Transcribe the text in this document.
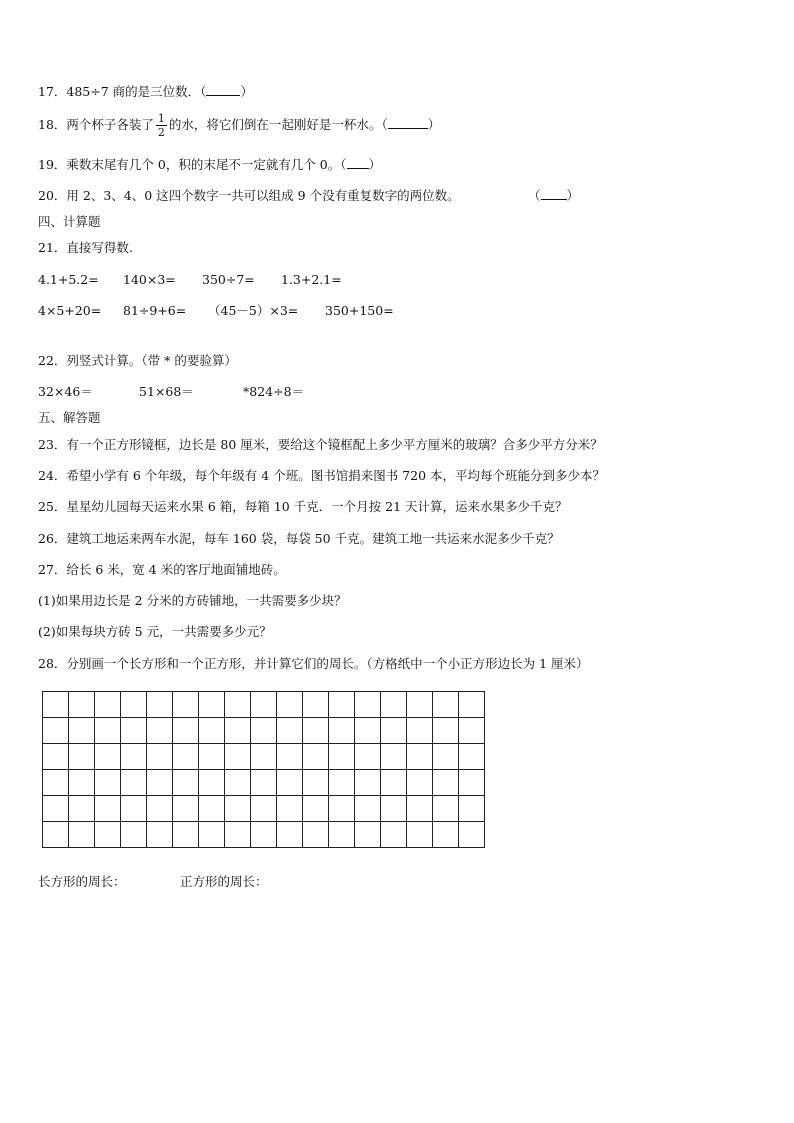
17．485÷7 商的是三位数．（	）
18．两个杯子各装了 $\frac{1}{2}$ 的水，将它们倒在一起刚好是一杯水。（	）
19．乘数末尾有几个 0，积的末尾不一定就有几个 0。（ ）
20．用 2、3、4、0 这四个数字一共可以组成 9 个没有重复数字的两位数。	（ ）
四、计算题
21．直接写得数.
4.1+5.2= 140×3= 350÷7= 1.3+2.1=
4×5+20= 81÷9+6= （45－5）×3= 350+150=
22．列竖式计算。（带 * 的要验算）
32×46＝	51×68＝	*824÷8＝
五、解答题
23．有一个正方形镜框，边长是 80 厘米，要给这个镜框配上多少平方厘米的玻璃？合多少平方分米？
24．希望小学有 6 个年级，每个年级有 4 个班。图书馆捐来图书 720 本，平均每个班能分到多少本？
25．星星幼儿园每天运来水果 6 箱，每箱 10 千克．一个月按 21 天计算，运来水果多少千克？
26．建筑工地运来两车水泥，每车 160 袋，每袋 50 千克。建筑工地一共运来水泥多少千克？
27．给长 6 米，宽 4 米的客厅地面铺地砖。
(1)如果用边长是 2 分米的方砖铺地，一共需要多少块？
(2)如果每块方砖 5 元，一共需要多少元？
28．分别画一个长方形和一个正方形，并计算它们的周长。（方格纸中一个小正方形边长为 1 厘米）

长方形的周长：	正方形的周长：
